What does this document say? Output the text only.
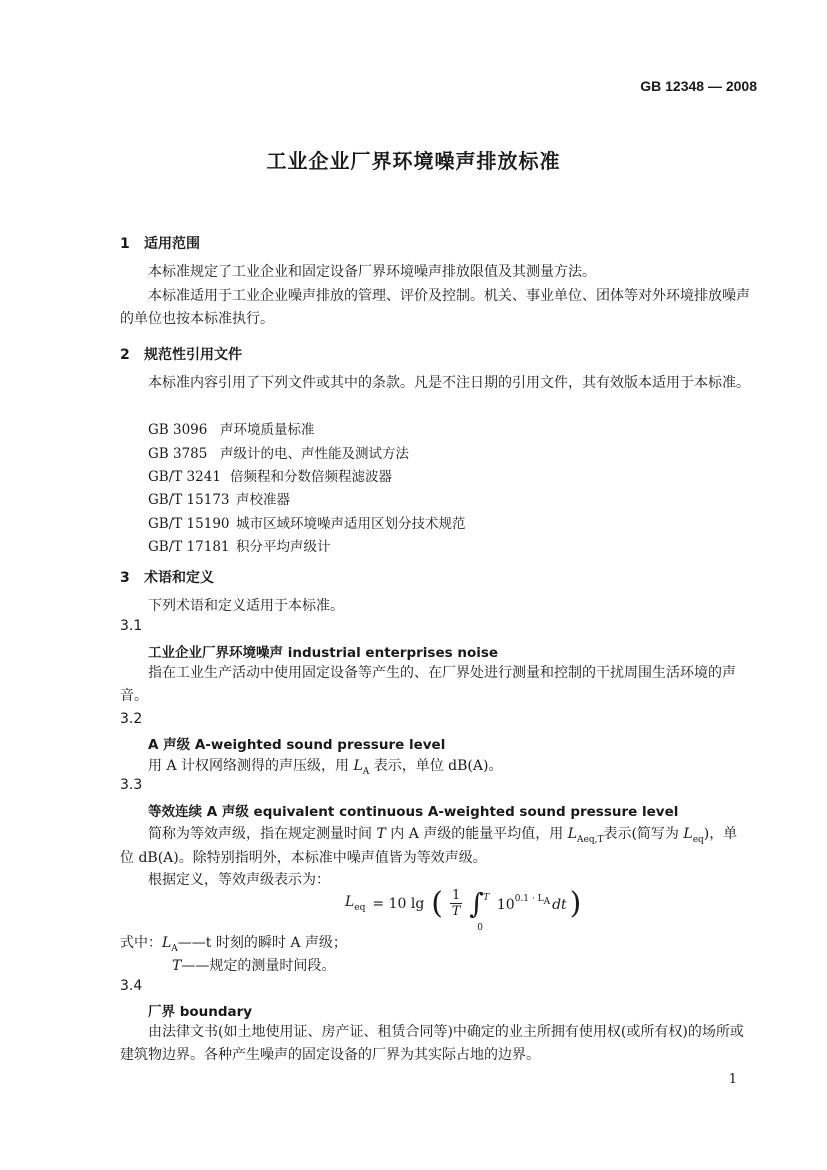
GB 12348 — 2008
工业企业厂界环境噪声排放标准
1 适用范围
本标准规定了工业企业和固定设备厂界环境噪声排放限值及其测量方法。
本标准适用于工业企业噪声排放的管理、评价及控制。机关、事业单位、团体等对外环境排放噪声的单位也按本标准执行。
2 规范性引用文件
本标准内容引用了下列文件或其中的条款。凡是不注日期的引用文件，其有效版本适用于本标准。
GB 3096 声环境质量标准
GB 3785 声级计的电、声性能及测试方法
GB/T 3241 倍频程和分数倍频程滤波器
GB/T 15173 声校准器
GB/T 15190 城市区域环境噪声适用区划分技术规范
GB/T 17181 积分平均声级计
3 术语和定义
下列术语和定义适用于本标准。
3.1
工业企业厂界环境噪声 industrial enterprises noise
指在工业生产活动中使用固定设备等产生的、在厂界处进行测量和控制的干扰周围生活环境的声音。
3.2
A 声级 A-weighted sound pressure level
用 A 计权网络测得的声压级，用 $L_A$ 表示，单位 dB(A)。
3.3
等效连续 A 声级 equivalent continuous A-weighted sound pressure level
简称为等效声级，指在规定测量时间 T 内 A 声级的能量平均值，用 $L_{Aeq,T}$表示(简写为 $L_{eq}$)，单
位 dB(A)。除特别指明外，本标准中噪声值皆为等效声级。
根据定义，等效声级表示为：
$L_{eq} = 10$ lg ( $\frac{1}{T}$ ∫ T
0
$10^{0.1 \cdot L_A}$ dt )
式中：$L_A——t$ 时刻的瞬时 A 声级；
T——规定的测量时间段。
3.4
厂界 boundary
由法律文书(如土地使用证、房产证、租赁合同等)中确定的业主所拥有使用权(或所有权)的场所或建筑物边界。各种产生噪声的固定设备的厂界为其实际占地的边界。
1
